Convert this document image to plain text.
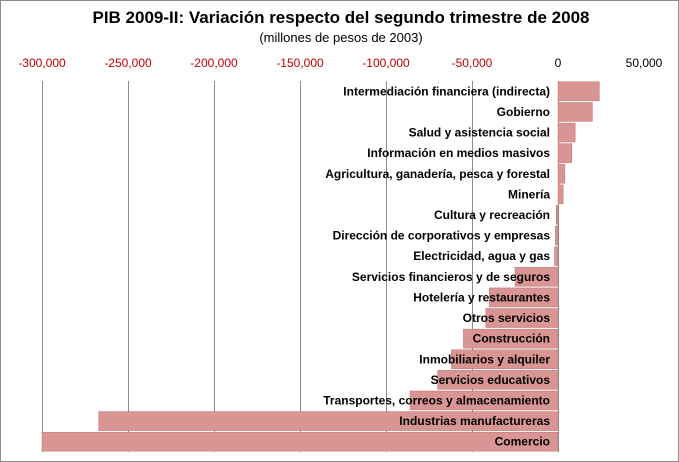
PIB 2009-II: Variación respecto del segundo trimestre de 2008
(millones de pesos de 2003)
-300,000	-250,000	-200,000	-150,000	-100,000	-50,000	0	50,000
Intermediación financiera (indirecta)
Gobierno
Salud y asistencia social
Información en medios masivos
Agricultura, ganadería, pesca y forestal
Minería
Cultura y recreación
Dirección de corporativos y empresas
Electricidad, agua y gas
Servicios financieros y de seguros
Hotelería y restaurantes
Otros servicios
Construcción
Inmobiliarios y alquiler
Servicios educativos
Transportes, correos y almacenamiento
Industrias manufactureras
Comercio
